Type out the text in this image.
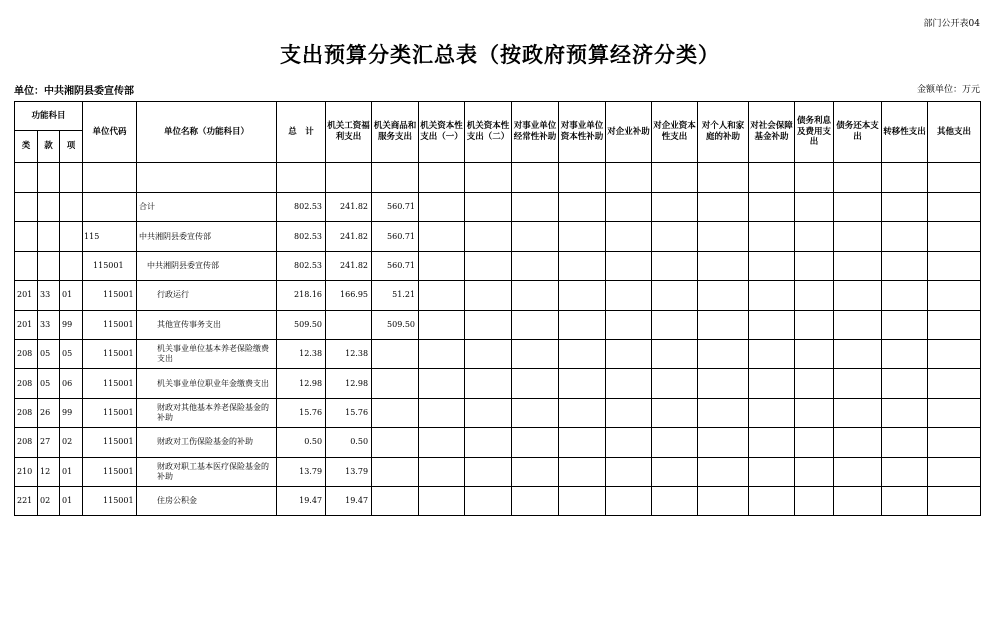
部门公开表04
支出预算分类汇总表（按政府预算经济分类）
单位：中共湘阴县委宣传部	金额单位：万元
功能科目			单位代码	单位名称（功能科目）	总　计	机关工资福利支出	机关商品和服务支出	机关资本性支出（一）	机关资本性支出（二）	对事业单位经常性补助	对事业单位资本性补助	对企业补助	对企业资本性支出	对个人和家庭的补助	对社会保障基金补助	债务利息及费用支出	债务还本支出	转移性支出	其他支出
类	款	项																	

				合计	802.53	241.82	560.71												
			115	中共湘阴县委宣传部	802.53	241.82	560.71												
			115001	中共湘阴县委宣传部	802.53	241.82	560.71												
201	33	01	115001	行政运行	218.16	166.95	51.21												
201	33	99	115001	其他宣传事务支出	509.50		509.50												
208	05	05	115001	机关事业单位基本养老保险缴费支出	12.38	12.38													
208	05	06	115001	机关事业单位职业年金缴费支出	12.98	12.98													
208	26	99	115001	财政对其他基本养老保险基金的补助	15.76	15.76													
208	27	02	115001	财政对工伤保险基金的补助	0.50	0.50													
210	12	01	115001	财政对职工基本医疗保险基金的补助	13.79	13.79													
221	02	01	115001	住房公积金	19.47	19.47													
